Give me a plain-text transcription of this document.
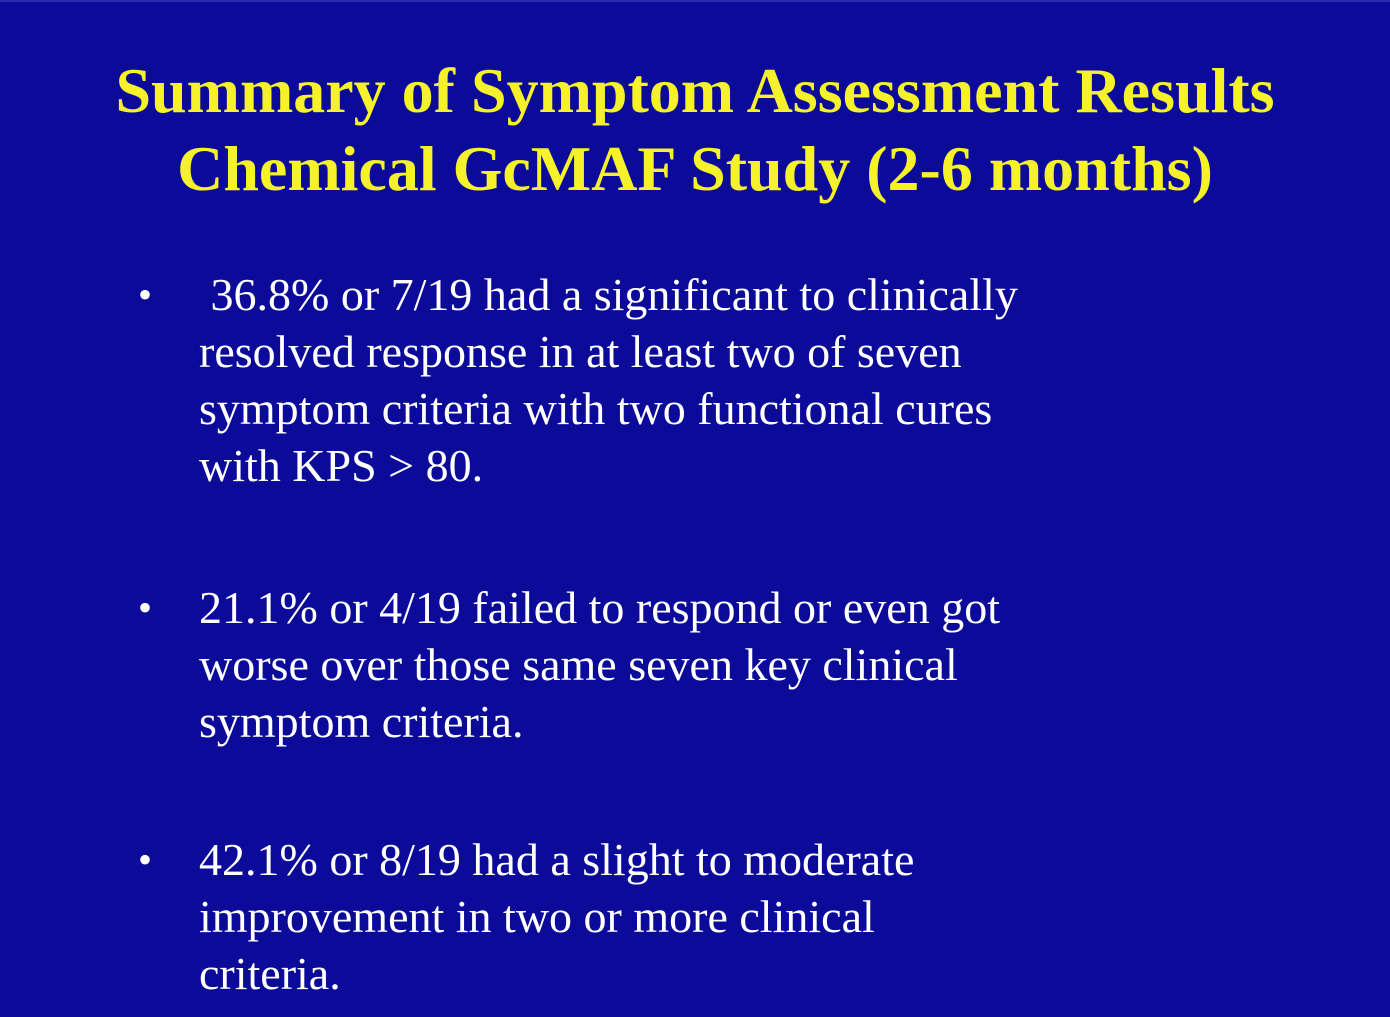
Summary of Symptom Assessment Results
Chemical GcMAF Study (2-6 months)
• 36.8% or 7/19 had a significant to clinically
resolved response in at least two of seven
symptom criteria with two functional cures
with KPS > 80.
• 21.1% or 4/19 failed to respond or even got
worse over those same seven key clinical
symptom criteria.
• 42.1% or 8/19 had a slight to moderate
improvement in two or more clinical
criteria.
